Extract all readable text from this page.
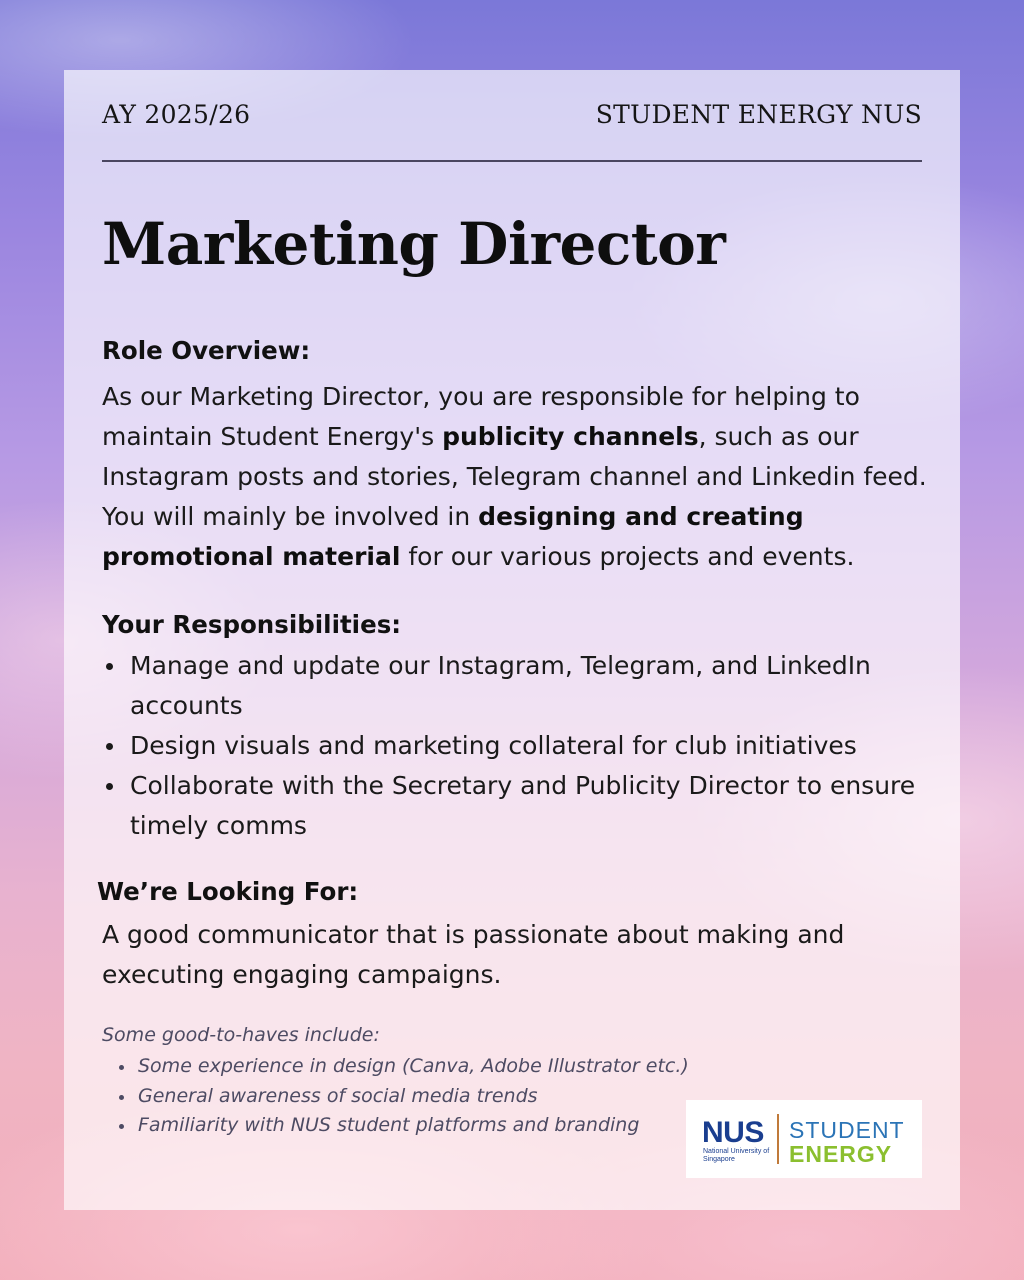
AY 2025/26	STUDENT ENERGY NUS
Marketing Director
Role Overview:
As our Marketing Director, you are responsible for helping to maintain Student Energy's publicity channels, such as our Instagram posts and stories, Telegram channel and Linkedin feed. You will mainly be involved in designing and creating promotional material for our various projects and events.
Your Responsibilities:
Manage and update our Instagram, Telegram, and LinkedIn accounts
Design visuals and marketing collateral for club initiatives
Collaborate with the Secretary and Publicity Director to ensure timely comms
We’re Looking For:
A good communicator that is passionate about making and executing engaging campaigns.
Some good-to-haves include:
Some experience in design (Canva, Adobe Illustrator etc.)
General awareness of social media trends
Familiarity with NUS student platforms and branding	NUS
National University of Singapore
STUDENT
ENERGY
